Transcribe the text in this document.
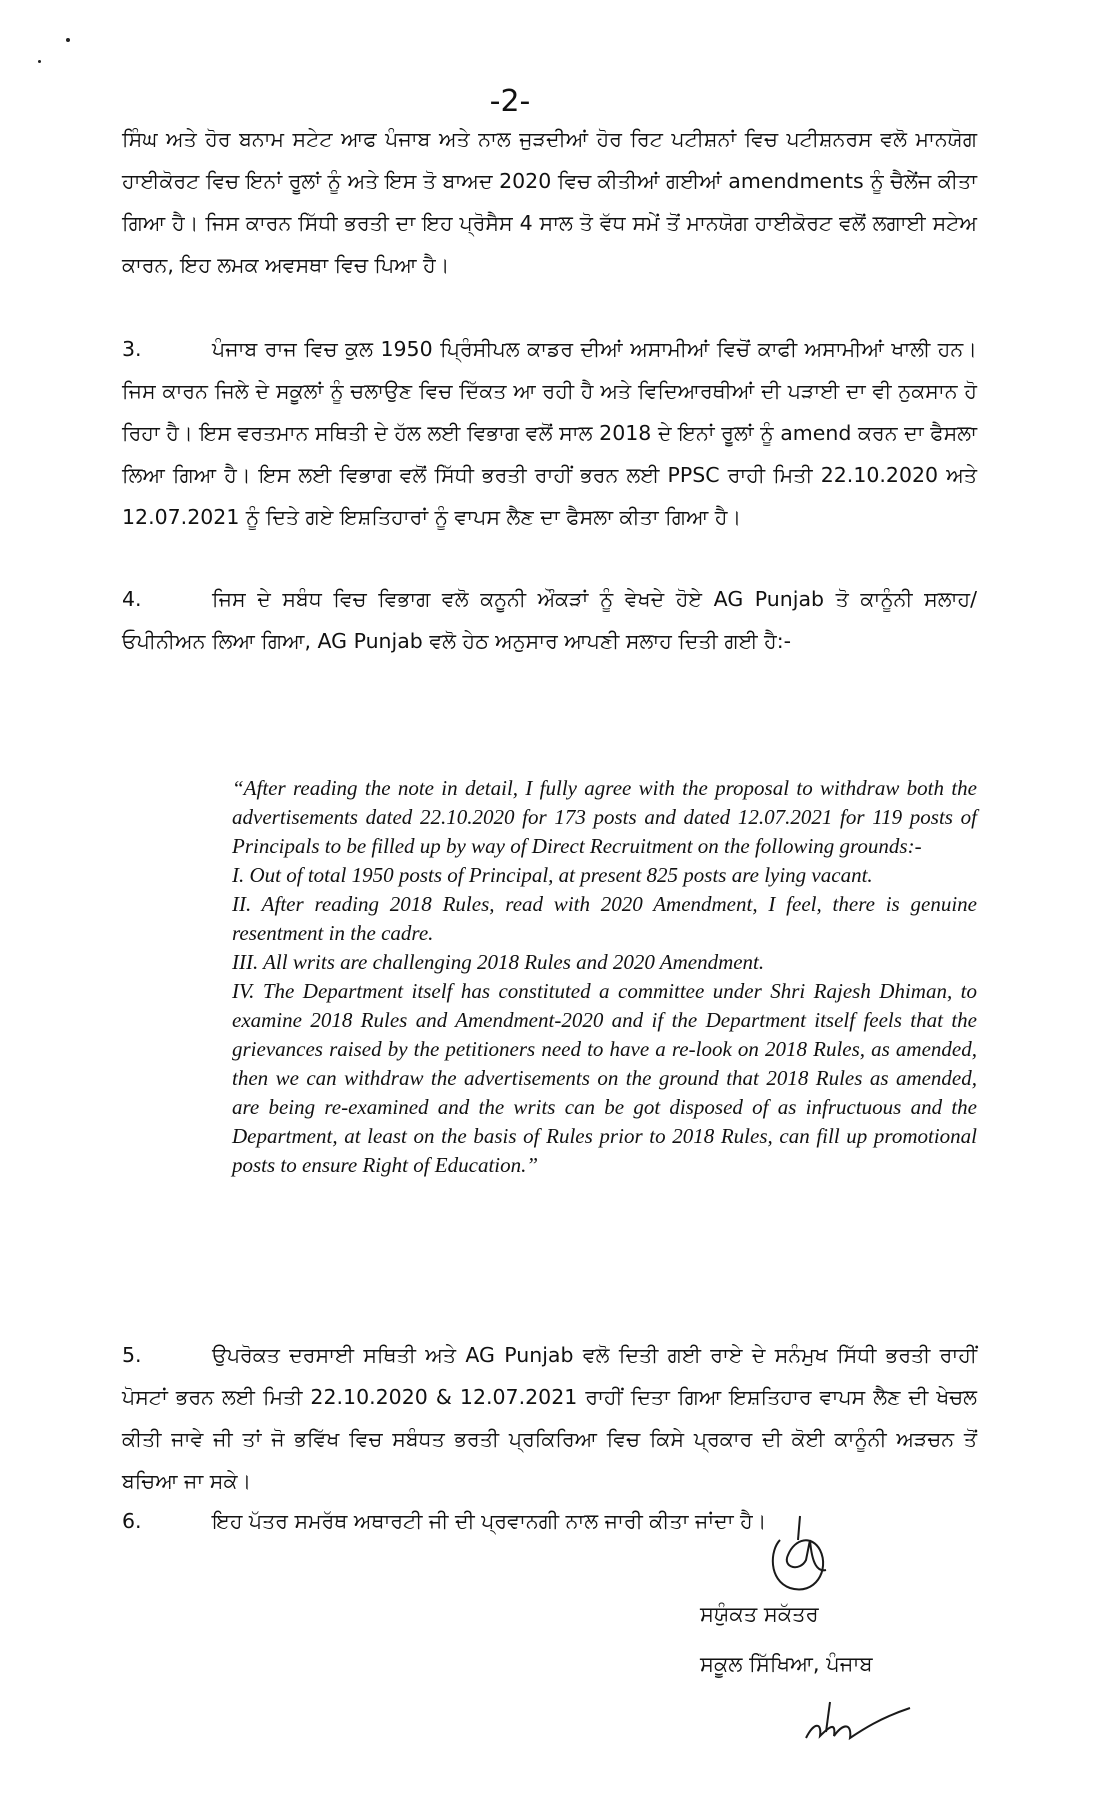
-2-
ਸਿੰਘ ਅਤੇ ਹੋਰ ਬਨਾਮ ਸਟੇਟ ਆਫ ਪੰਜਾਬ ਅਤੇ ਨਾਲ ਜੁੜਦੀਆਂ ਹੋਰ ਰਿਟ ਪਟੀਸ਼ਨਾਂ ਵਿਚ ਪਟੀਸ਼ਨਰਸ ਵਲੋ ਮਾਨਯੋਗ ਹਾਈਕੋਰਟ ਵਿਚ ਇਨਾਂ ਰੂਲਾਂ ਨੂੰ ਅਤੇ ਇਸ ਤੋ ਬਾਅਦ 2020 ਵਿਚ ਕੀਤੀਆਂ ਗਈਆਂ amendments ਨੂੰ ਚੈਲੇਂਜ ਕੀਤਾ ਗਿਆ ਹੈ। ਜਿਸ ਕਾਰਨ ਸਿੱਧੀ ਭਰਤੀ ਦਾ ਇਹ ਪ੍ਰੋਸੈਸ 4 ਸਾਲ ਤੋ ਵੱਧ ਸਮੇਂ ਤੋਂ ਮਾਨਯੋਗ ਹਾਈਕੋਰਟ ਵਲੋਂ ਲਗਾਈ ਸਟੇਅ ਕਾਰਨ, ਇਹ ਲਮਕ ਅਵਸਥਾ ਵਿਚ ਪਿਆ ਹੈ।
3.	ਪੰਜਾਬ ਰਾਜ ਵਿਚ ਕੁਲ 1950 ਪ੍ਰਿੰਸੀਪਲ ਕਾਡਰ ਦੀਆਂ ਅਸਾਮੀਆਂ ਵਿਚੋਂ ਕਾਫੀ ਅਸਾਮੀਆਂ ਖਾਲੀ ਹਨ। ਜਿਸ ਕਾਰਨ ਜਿਲੇ ਦੇ ਸਕੂਲਾਂ ਨੂੰ ਚਲਾਉਣ ਵਿਚ ਦਿੱਕਤ ਆ ਰਹੀ ਹੈ ਅਤੇ ਵਿਦਿਆਰਥੀਆਂ ਦੀ ਪੜਾਈ ਦਾ ਵੀ ਨੁਕਸਾਨ ਹੋ ਰਿਹਾ ਹੈ। ਇਸ ਵਰਤਮਾਨ ਸਥਿਤੀ ਦੇ ਹੱਲ ਲਈ ਵਿਭਾਗ ਵਲੋਂ ਸਾਲ 2018 ਦੇ ਇਨਾਂ ਰੂਲਾਂ ਨੂੰ amend ਕਰਨ ਦਾ ਫੈਸਲਾ ਲਿਆ ਗਿਆ ਹੈ। ਇਸ ਲਈ ਵਿਭਾਗ ਵਲੋਂ ਸਿੱਧੀ ਭਰਤੀ ਰਾਹੀਂ ਭਰਨ ਲਈ PPSC ਰਾਹੀ ਮਿਤੀ 22.10.2020 ਅਤੇ 12.07.2021 ਨੂੰ ਦਿਤੇ ਗਏ ਇਸ਼ਤਿਹਾਰਾਂ ਨੂੰ ਵਾਪਸ ਲੈਣ ਦਾ ਫੈਸਲਾ ਕੀਤਾ ਗਿਆ ਹੈ।
4.	ਜਿਸ ਦੇ ਸਬੰਧ ਵਿਚ ਵਿਭਾਗ ਵਲੋ ਕਨੂਨੀ ਔਕੜਾਂ ਨੂੰ ਵੇਖਦੇ ਹੋਏ AG Punjab ਤੋ ਕਾਨੂੰਨੀ ਸਲਾਹ/ਓਪੀਨੀਅਨ ਲਿਆ ਗਿਆ, AG Punjab ਵਲੋ ਹੇਠ ਅਨੁਸਾਰ ਆਪਣੀ ਸਲਾਹ ਦਿਤੀ ਗਈ ਹੈ:-

“After reading the note in detail, I fully agree with the proposal to withdraw both the advertisements dated 22.10.2020 for 173 posts and dated 12.07.2021 for 119 posts of Principals to be filled up by way of Direct Recruitment on the following grounds:-

I. Out of total 1950 posts of Principal, at present 825 posts are lying vacant.

II. After reading 2018 Rules, read with 2020 Amendment, I feel, there is genuine resentment in the cadre.

III. All writs are challenging 2018 Rules and 2020 Amendment.

IV. The Department itself has constituted a committee under Shri Rajesh Dhiman, to examine 2018 Rules and Amendment-2020 and if the Department itself feels that the grievances raised by the petitioners need to have a re-look on 2018 Rules, as amended, then we can withdraw the advertisements on the ground that 2018 Rules as amended, are being re-examined and the writs can be got disposed of as infructuous and the Department, at least on the basis of Rules prior to 2018 Rules, can fill up promotional posts to ensure Right of Education.”

5.	ਉਪਰੋਕਤ ਦਰਸਾਈ ਸਥਿਤੀ ਅਤੇ AG Punjab ਵਲੋ ਦਿਤੀ ਗਈ ਰਾਏ ਦੇ ਸਨੰਮੁਖ ਸਿੱਧੀ ਭਰਤੀ ਰਾਹੀਂ ਪੋਸਟਾਂ ਭਰਨ ਲਈ ਮਿਤੀ 22.10.2020 & 12.07.2021 ਰਾਹੀਂ ਦਿਤਾ ਗਿਆ ਇਸ਼ਤਿਹਾਰ ਵਾਪਸ ਲੈਣ ਦੀ ਖੇਚਲ ਕੀਤੀ ਜਾਵੇ ਜੀ ਤਾਂ ਜੋ ਭਵਿੱਖ ਵਿਚ ਸਬੰਧਤ ਭਰਤੀ ਪ੍ਰਕਿਰਿਆ ਵਿਚ ਕਿਸੇ ਪ੍ਰਕਾਰ ਦੀ ਕੋਈ ਕਾਨੂੰਨੀ ਅੜਚਨ ਤੋਂ ਬਚਿਆ ਜਾ ਸਕੇ।
6.	ਇਹ ਪੱਤਰ ਸਮਰੱਥ ਅਥਾਰਟੀ ਜੀ ਦੀ ਪ੍ਰਵਾਨਗੀ ਨਾਲ ਜਾਰੀ ਕੀਤਾ ਜਾਂਦਾ ਹੈ।
ਸਯੁੰਕਤ ਸਕੱਤਰ
ਸਕੂਲ ਸਿੱਖਿਆ, ਪੰਜਾਬ
